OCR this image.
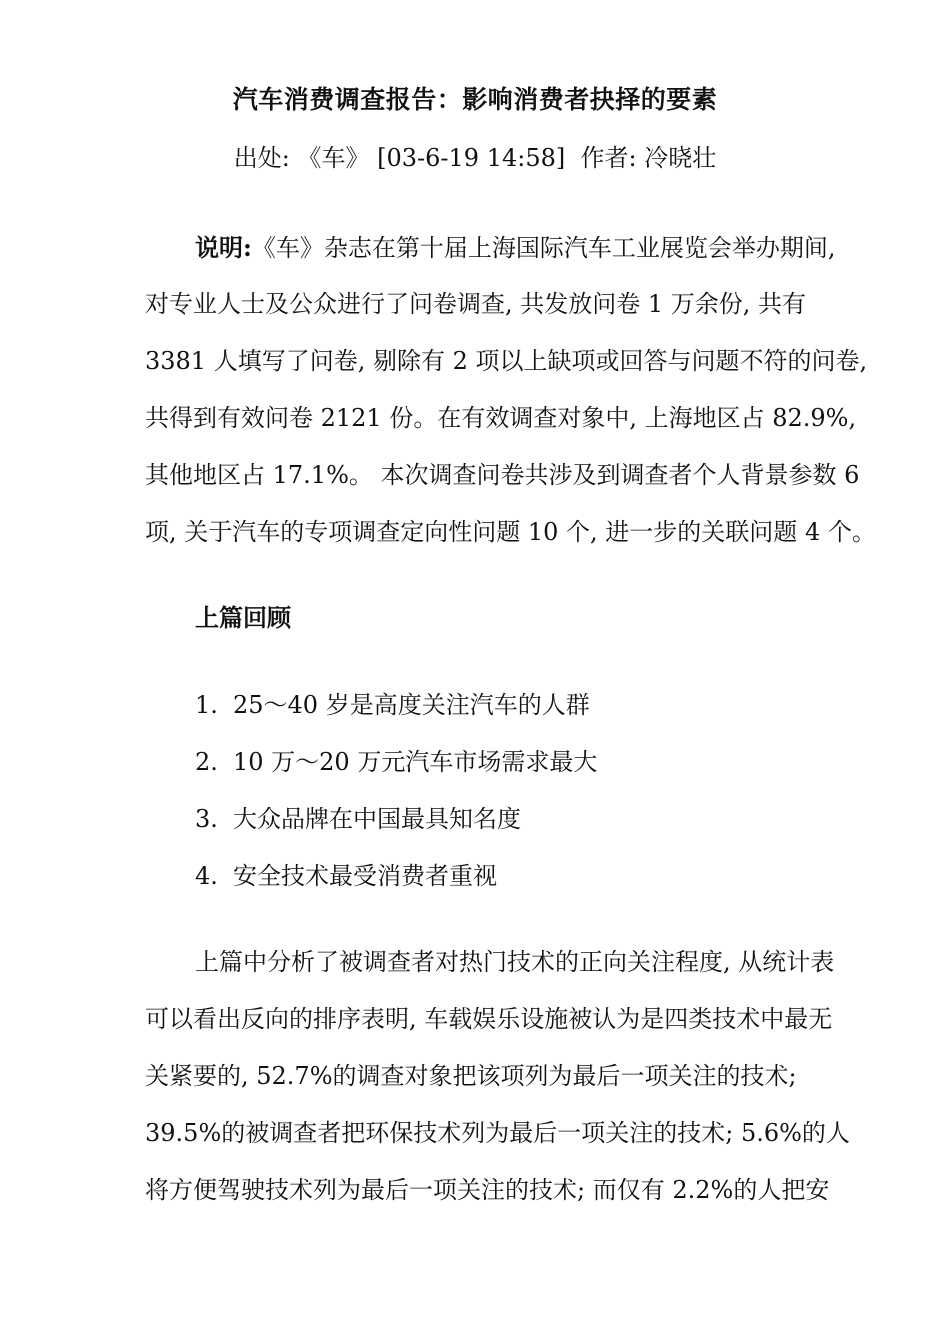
汽车消费调查报告：影响消费者抉择的要素
出处: 《车》 [03-6-19 14:58]  作者: 冷晓壮
说明:《车》杂志在第十届上海国际汽车工业展览会举办期间,
对专业人士及公众进行了问卷调查, 共发放问卷 1 万余份, 共有
3381 人填写了问卷, 剔除有 2 项以上缺项或回答与问题不符的问卷,
共得到有效问卷 2121 份。在有效调查对象中, 上海地区占 82.9%,
其他地区占 17.1%。 本次调查问卷共涉及到调查者个人背景参数 6
项, 关于汽车的专项调查定向性问题 10 个, 进一步的关联问题 4 个。
上篇回顾
1. 25～40 岁是高度关注汽车的人群
2. 10 万～20 万元汽车市场需求最大
3. 大众品牌在中国最具知名度
4. 安全技术最受消费者重视
上篇中分析了被调查者对热门技术的正向关注程度, 从统计表
可以看出反向的排序表明, 车载娱乐设施被认为是四类技术中最无
关紧要的, 52.7%的调查对象把该项列为最后一项关注的技术;
39.5%的被调查者把环保技术列为最后一项关注的技术; 5.6%的人
将方便驾驶技术列为最后一项关注的技术; 而仅有 2.2%的人把安
